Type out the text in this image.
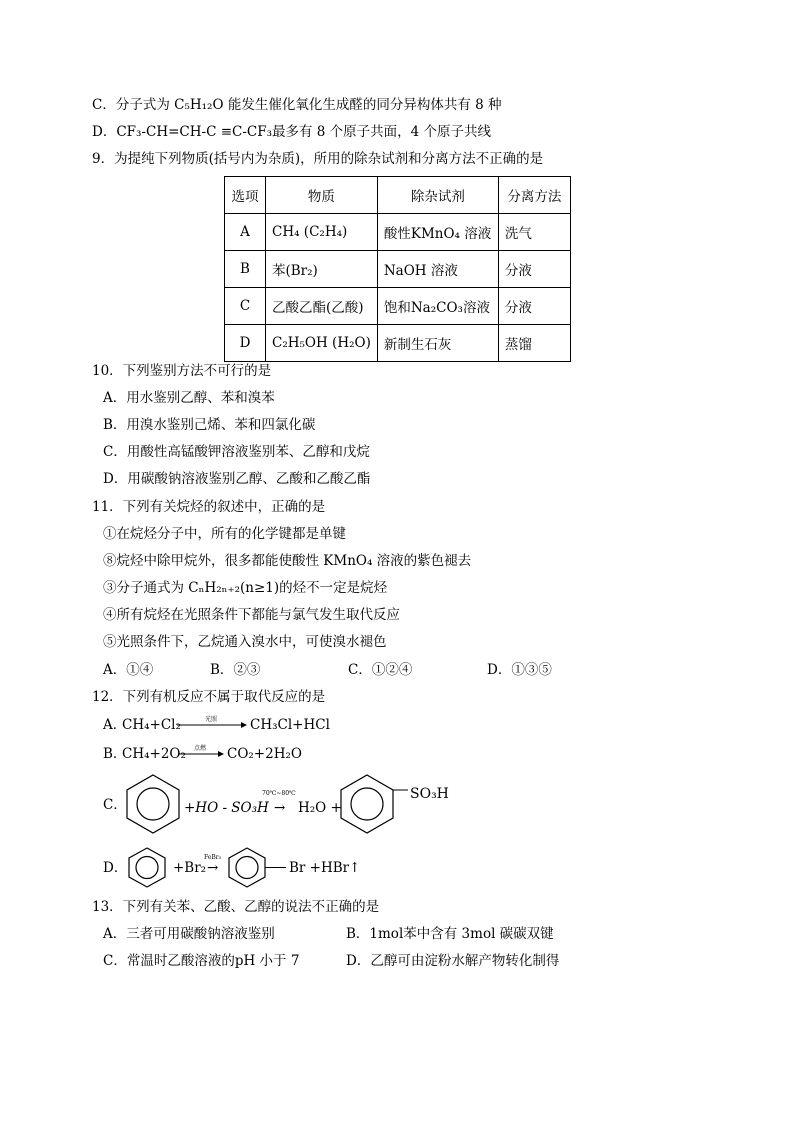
C．分子式为 C₅H₁₂O 能发生催化氧化生成醛的同分异构体共有 8 种
D．CF₃-CH=CH-C ≡C-CF₃最多有 8 个原子共面，4 个原子共线
9．为提纯下列物质(括号内为杂质)，所用的除杂试剂和分离方法不正确的是
选项	物质	除杂试剂	分离方法
A	CH₄ (C₂H₄)	酸性KMnO₄ 溶液	洗气
B	苯(Br₂)	NaOH 溶液	分液
C	乙酸乙酯(乙酸)	饱和Na₂CO₃溶液	分液
D	C₂H₅OH (H₂O)	新制生石灰	蒸馏
10．下列鉴别方法不可行的是
A．用水鉴别乙醇、苯和溴苯
B．用溴水鉴别己烯、苯和四氯化碳
C．用酸性高锰酸钾溶液鉴别苯、乙醇和戊烷
D．用碳酸钠溶液鉴别乙醇、乙酸和乙酸乙酯
11．下列有关烷烃的叙述中，正确的是
①在烷烃分子中，所有的化学键都是单键
⑧烷烃中除甲烷外，很多都能使酸性 KMnO₄ 溶液的紫色褪去
③分子通式为 CₙH₂ₙ₊₂(n≥1)的烃不一定是烷烃
④所有烷烃在光照条件下都能与氯气发生取代反应
⑤光照条件下，乙烷通入溴水中，可使溴水褪色
A．①④	B．②③	C．①②④	D．①③⑤
12．下列有机反应不属于取代反应的是
A．
CH₄+Cl₂	光照 CH₃Cl+HCl
B．
CH₄+2O₂ 点燃 CO₂+2H₂O
C．	+HO - SO₃H
70℃~80℃
→ H₂O +
SO₃H
D．	+Br₂
FeBr₃
→	Br +HBr↑
13．下列有关苯、乙酸、乙醇的说法不正确的是
A．三者可用碳酸钠溶液鉴别	B．1mol苯中含有 3mol 碳碳双键
C．常温时乙酸溶液的pH 小于 7	D．乙醇可由淀粉水解产物转化制得
